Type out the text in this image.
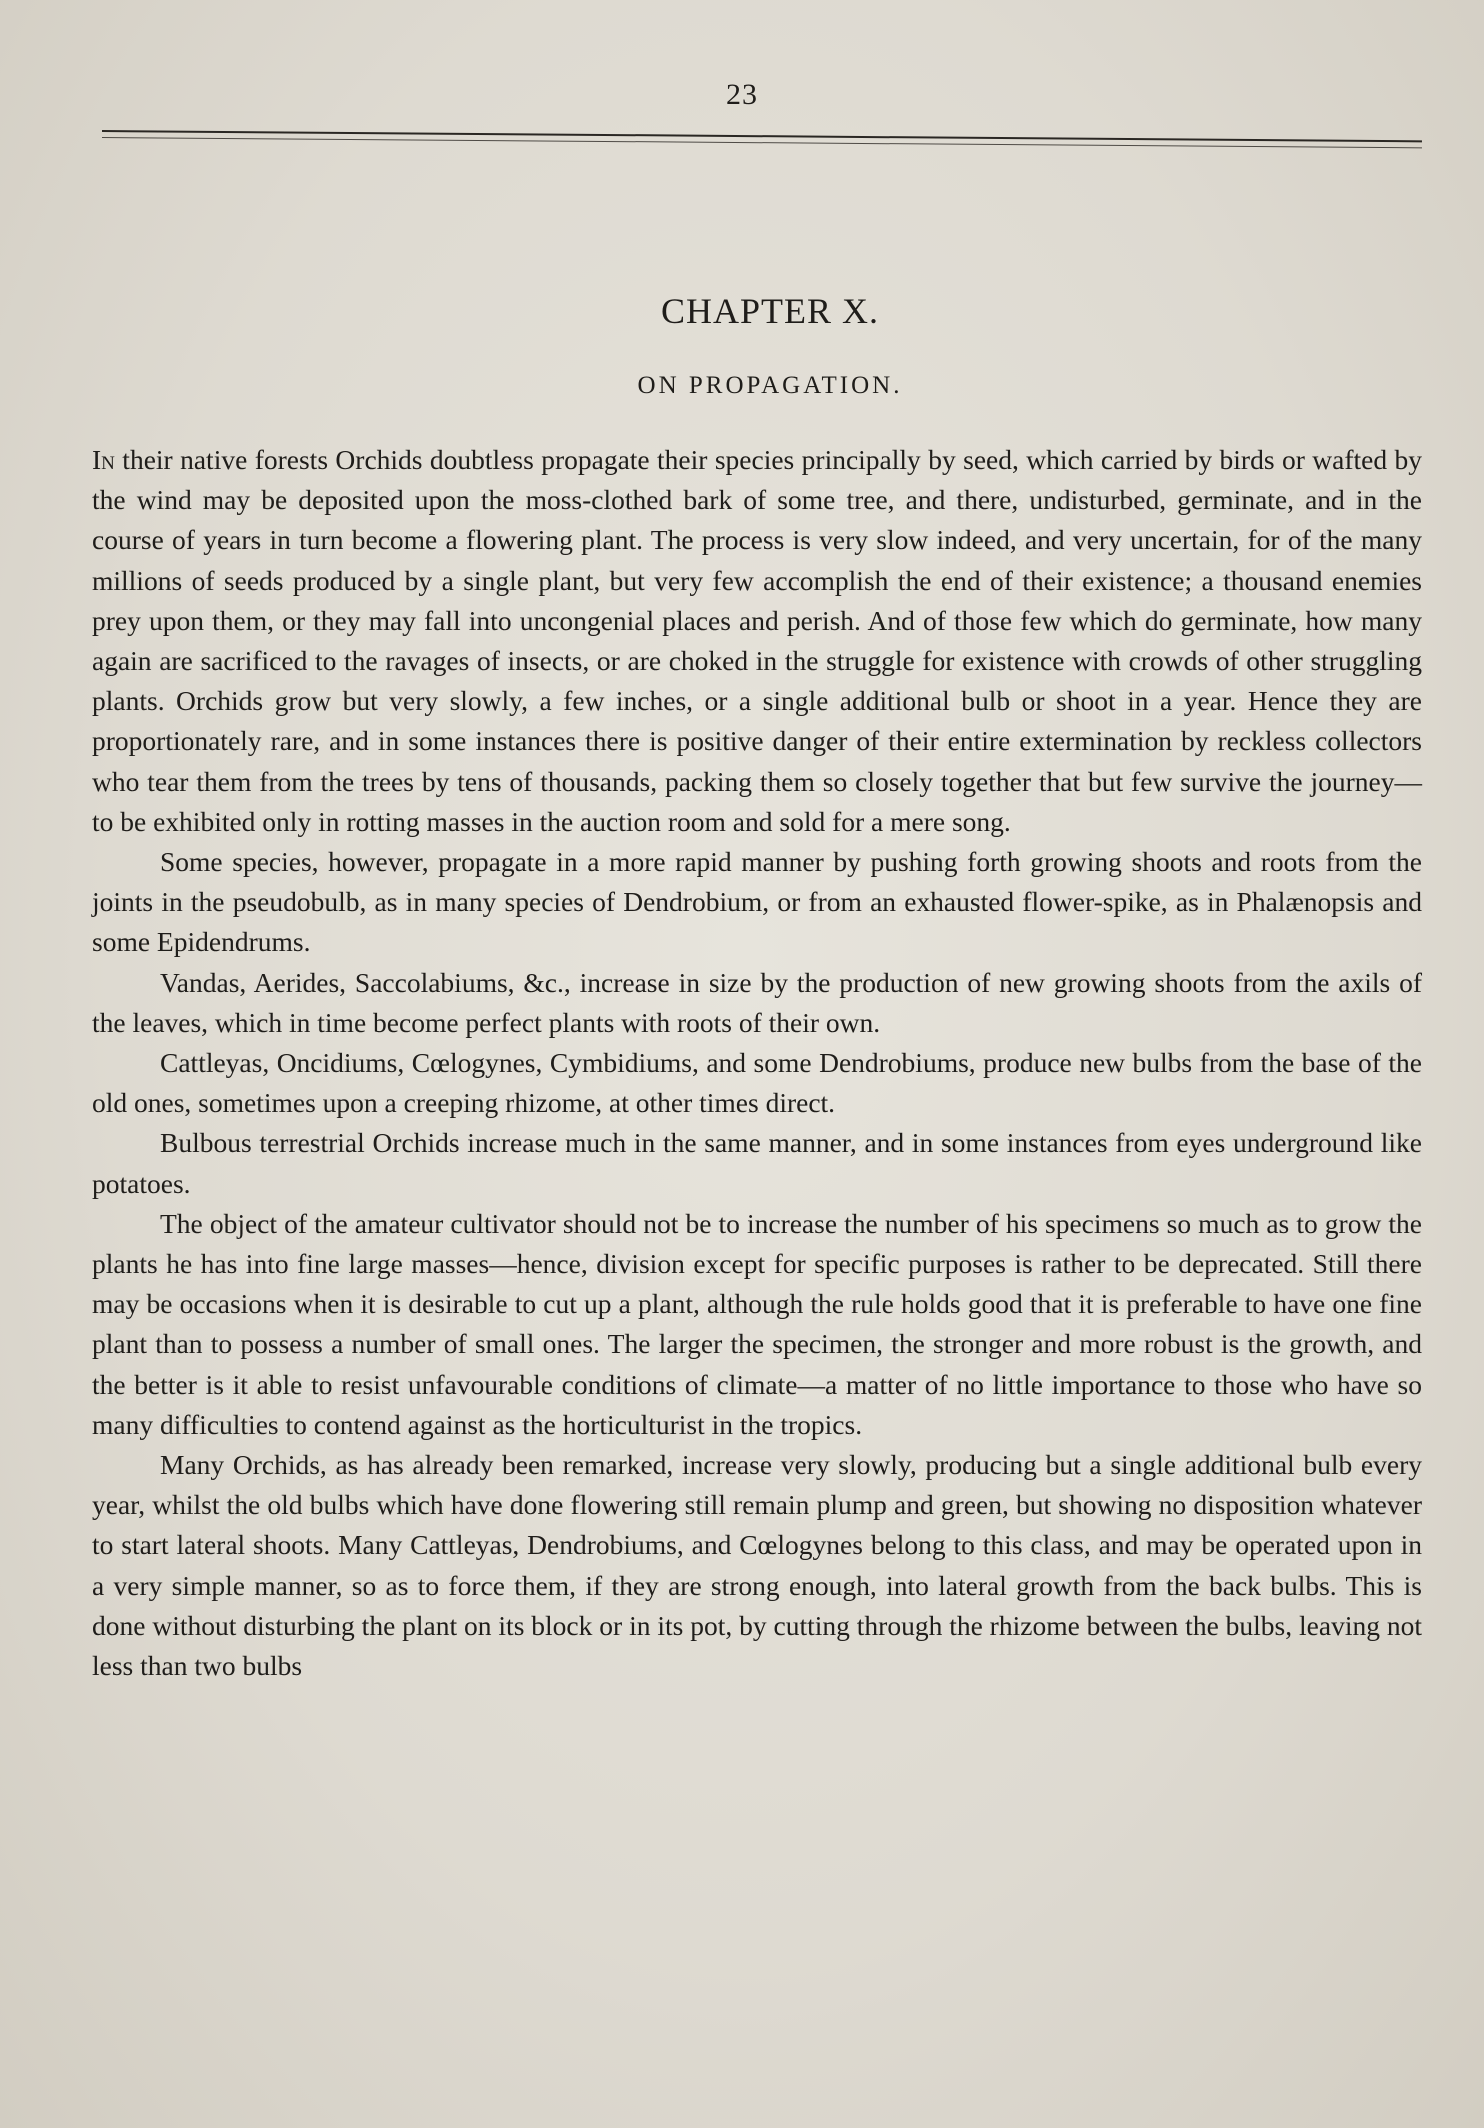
23
CHAPTER X.
ON PROPAGATION.

In their native forests Orchids doubtless propagate their species principally by seed, which carried by birds or wafted by the wind may be deposited upon the moss-clothed bark of some tree, and there, undisturbed, germinate, and in the course of years in turn become a flowering plant. The process is very slow indeed, and very uncertain, for of the many millions of seeds produced by a single plant, but very few accomplish the end of their existence; a thousand enemies prey upon them, or they may fall into uncongenial places and perish. And of those few which do germinate, how many again are sacrificed to the ravages of insects, or are choked in the struggle for existence with crowds of other struggling plants. Orchids grow but very slowly, a few inches, or a single additional bulb or shoot in a year. Hence they are proportionately rare, and in some instances there is positive danger of their entire extermination by reckless collectors who tear them from the trees by tens of thousands, packing them so closely together that but few survive the journey—to be exhibited only in rotting masses in the auction room and sold for a mere song.

Some species, however, propagate in a more rapid manner by pushing forth growing shoots and roots from the joints in the pseudobulb, as in many species of Dendrobium, or from an exhausted flower-spike, as in Phalænopsis and some Epidendrums.

Vandas, Aerides, Saccolabiums, &c., increase in size by the production of new growing shoots from the axils of the leaves, which in time become perfect plants with roots of their own.

Cattleyas, Oncidiums, Cœlogynes, Cymbidiums, and some Dendrobiums, produce new bulbs from the base of the old ones, sometimes upon a creeping rhizome, at other times direct.

Bulbous terrestrial Orchids increase much in the same manner, and in some instances from eyes underground like potatoes.

The object of the amateur cultivator should not be to increase the number of his specimens so much as to grow the plants he has into fine large masses—hence, division except for specific purposes is rather to be deprecated. Still there may be occasions when it is desirable to cut up a plant, although the rule holds good that it is preferable to have one fine plant than to possess a number of small ones. The larger the specimen, the stronger and more robust is the growth, and the better is it able to resist unfavourable conditions of climate—a matter of no little importance to those who have so many difficulties to contend against as the horticulturist in the tropics.

Many Orchids, as has already been remarked, increase very slowly, producing but a single additional bulb every year, whilst the old bulbs which have done flowering still remain plump and green, but showing no disposition whatever to start lateral shoots. Many Cattleyas, Dendrobiums, and Cœlogynes belong to this class, and may be operated upon in a very simple manner, so as to force them, if they are strong enough, into lateral growth from the back bulbs. This is done without disturbing the plant on its block or in its pot, by cutting through the rhizome between the bulbs, leaving not less than two bulbs
